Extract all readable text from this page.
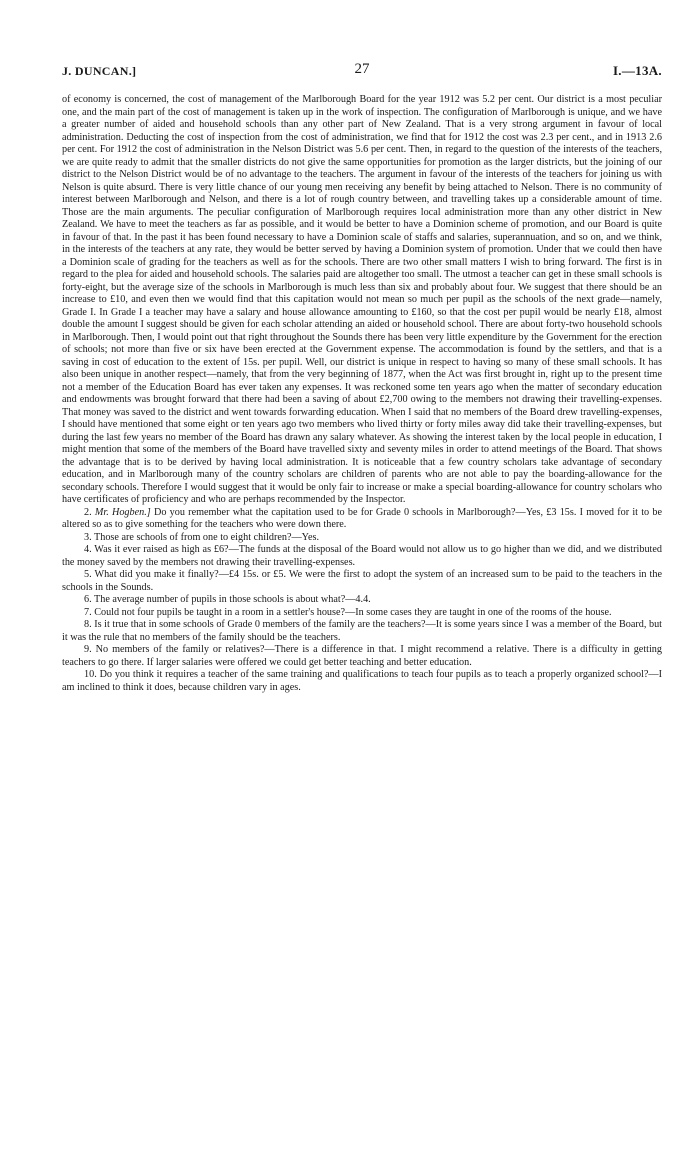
J. DUNCAN.]	27	I.—13A.

of economy is concerned, the cost of management of the Marlborough Board for the year 1912 was 5.2 per cent. Our district is a most peculiar one, and the main part of the cost of management is taken up in the work of inspection. The configuration of Marlborough is unique, and we have a greater number of aided and household schools than any other part of New Zealand. That is a very strong argument in favour of local administration. Deducting the cost of inspection from the cost of administration, we find that for 1912 the cost was 2.3 per cent., and in 1913 2.6 per cent. For 1912 the cost of administration in the Nelson District was 5.6 per cent. Then, in regard to the question of the interests of the teachers, we are quite ready to admit that the smaller districts do not give the same opportunities for promotion as the larger districts, but the joining of our district to the Nelson District would be of no advantage to the teachers. The argument in favour of the interests of the teachers for joining us with Nelson is quite absurd. There is very little chance of our young men receiving any benefit by being attached to Nelson. There is no community of interest between Marlborough and Nelson, and there is a lot of rough country between, and travelling takes up a considerable amount of time. Those are the main arguments. The peculiar configuration of Marlborough requires local administration more than any other district in New Zealand. We have to meet the teachers as far as possible, and it would be better to have a Dominion scheme of promotion, and our Board is quite in favour of that. In the past it has been found necessary to have a Dominion scale of staffs and salaries, superannuation, and so on, and we think, in the interests of the teachers at any rate, they would be better served by having a Dominion system of promotion. Under that we could then have a Dominion scale of grading for the teachers as well as for the schools. There are two other small matters I wish to bring forward. The first is in regard to the plea for aided and household schools. The salaries paid are altogether too small. The utmost a teacher can get in these small schools is forty-eight, but the average size of the schools in Marlborough is much less than six and probably about four. We suggest that there should be an increase to £10, and even then we would find that this capitation would not mean so much per pupil as the schools of the next grade—namely, Grade I. In Grade I a teacher may have a salary and house allowance amounting to £160, so that the cost per pupil would be nearly £18, almost double the amount I suggest should be given for each scholar attending an aided or household school. There are about forty-two household schools in Marlborough. Then, I would point out that right throughout the Sounds there has been very little expenditure by the Government for the erection of schools; not more than five or six have been erected at the Government expense. The accommodation is found by the settlers, and that is a saving in cost of education to the extent of 15s. per pupil. Well, our district is unique in respect to having so many of these small schools. It has also been unique in another respect—namely, that from the very beginning of 1877, when the Act was first brought in, right up to the present time not a member of the Education Board has ever taken any expenses. It was reckoned some ten years ago when the matter of secondary education and endowments was brought forward that there had been a saving of about £2,700 owing to the members not drawing their travelling-expenses. That money was saved to the district and went towards forwarding education. When I said that no members of the Board drew travelling-expenses, I should have mentioned that some eight or ten years ago two members who lived thirty or forty miles away did take their travelling-expenses, but during the last few years no member of the Board has drawn any salary whatever. As showing the interest taken by the local people in education, I might mention that some of the members of the Board have travelled sixty and seventy miles in order to attend meetings of the Board. That shows the advantage that is to be derived by having local administration. It is noticeable that a few country scholars take advantage of secondary education, and in Marlborough many of the country scholars are children of parents who are not able to pay the boarding-allowance for the secondary schools. Therefore I would suggest that it would be only fair to increase or make a special boarding-allowance for country scholars who have certificates of proficiency and who are perhaps recommended by the Inspector.

2. Mr. Hogben.] Do you remember what the capitation used to be for Grade 0 schools in Marlborough?—Yes, £3 15s. I moved for it to be altered so as to give something for the teachers who were down there.

3. Those are schools of from one to eight children?—Yes.

4. Was it ever raised as high as £6?—The funds at the disposal of the Board would not allow us to go higher than we did, and we distributed the money saved by the members not drawing their travelling-expenses.

5. What did you make it finally?—£4 15s. or £5. We were the first to adopt the system of an increased sum to be paid to the teachers in the schools in the Sounds.

6. The average number of pupils in those schools is about what?—4.4.

7. Could not four pupils be taught in a room in a settler's house?—In some cases they are taught in one of the rooms of the house.

8. Is it true that in some schools of Grade 0 members of the family are the teachers?—It is some years since I was a member of the Board, but it was the rule that no members of the family should be the teachers.

9. No members of the family or relatives?—There is a difference in that. I might recommend a relative. There is a difficulty in getting teachers to go there. If larger salaries were offered we could get better teaching and better education.

10. Do you think it requires a teacher of the same training and qualifications to teach four pupils as to teach a properly organized school?—I am inclined to think it does, because children vary in ages.
